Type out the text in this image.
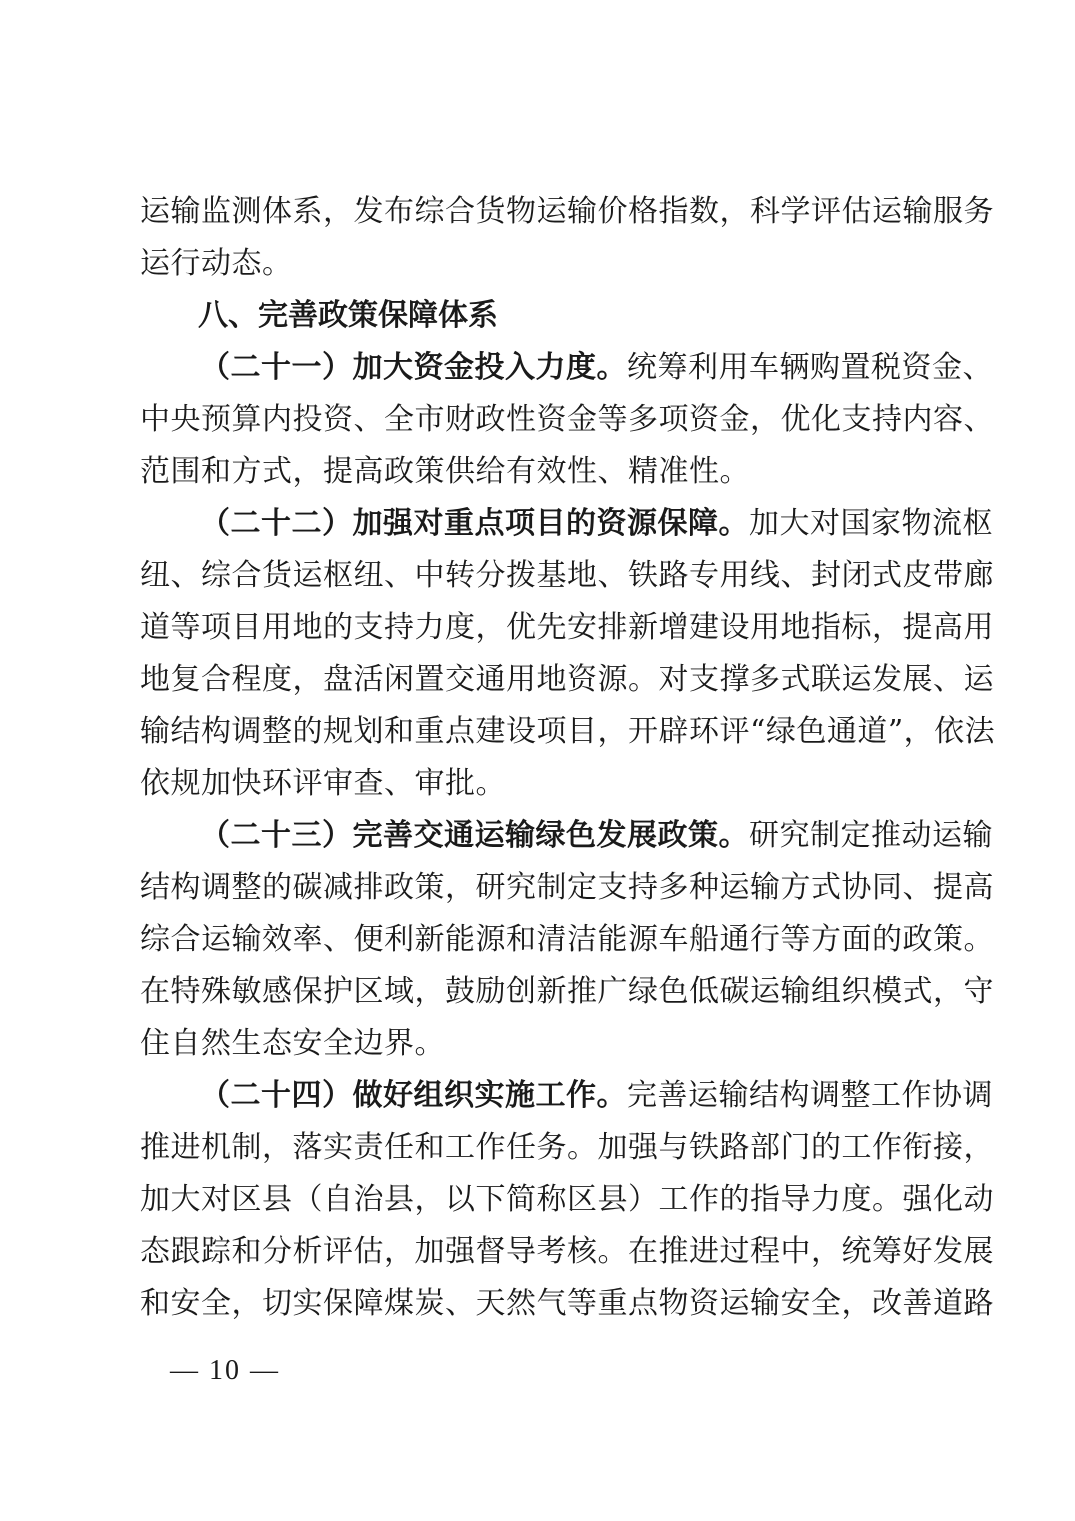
运输监测体系，发布综合货物运输价格指数，科学评估运输服务
运行动态。
八、完善政策保障体系
（二十一）加大资金投入力度。统筹利用车辆购置税资金、
中央预算内投资、全市财政性资金等多项资金，优化支持内容、
范围和方式，提高政策供给有效性、精准性。
（二十二）加强对重点项目的资源保障。加大对国家物流枢
纽、综合货运枢纽、中转分拨基地、铁路专用线、封闭式皮带廊
道等项目用地的支持力度，优先安排新增建设用地指标，提高用
地复合程度，盘活闲置交通用地资源。对支撑多式联运发展、运
输结构调整的规划和重点建设项目，开辟环评“绿色通道”，依法
依规加快环评审查、审批。
（二十三）完善交通运输绿色发展政策。研究制定推动运输
结构调整的碳减排政策，研究制定支持多种运输方式协同、提高
综合运输效率、便利新能源和清洁能源车船通行等方面的政策。
在特殊敏感保护区域，鼓励创新推广绿色低碳运输组织模式，守
住自然生态安全边界。
（二十四）做好组织实施工作。完善运输结构调整工作协调
推进机制，落实责任和工作任务。加强与铁路部门的工作衔接，
加大对区县（自治县，以下简称区县）工作的指导力度。强化动
态跟踪和分析评估，加强督导考核。在推进过程中，统筹好发展
和安全，切实保障煤炭、天然气等重点物资运输安全，改善道路
— 10 —
